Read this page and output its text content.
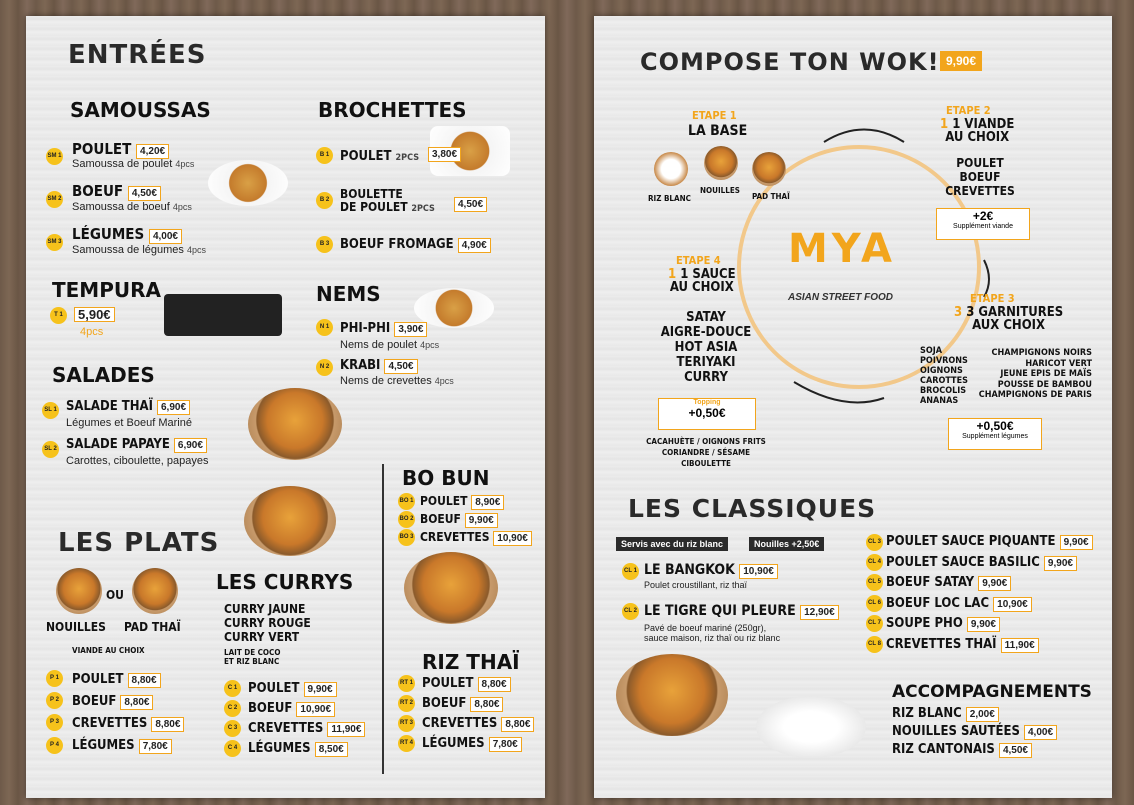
ENTRÉES
SAMOUSSAS
SM 1 POULET 4,20€
Samoussa de poulet 4pcs
SM 2 BOEUF 4,50€
Samoussa de boeuf 4pcs
SM 3 LÉGUMES 4,00€
Samoussa de légumes 4pcs
BROCHETTES
B 1 POULET 2PCS	3,80€
B 2 BOULETTE
DE POULET 2PCS	4,50€
B 3 BOEUF FROMAGE 4,90€
TEMPURA
T 1	5,90€
4pcs
NEMS
N 1 PHI-PHI 3,90€
Nems de poulet 4pcs
N 2 KRABI 4,50€
Nems de crevettes 4pcs
SALADES
SL 1 SALADE THAÏ 6,90€
Légumes et Boeuf Mariné
SL 2 SALADE PAPAYE 6,90€
Carottes, ciboulette, papayes
LES PLATS
OU
NOUILLES PAD THAÏ
VIANDE AU CHOIX
P 1	POULET 8,80€
P 2	BOEUF 8,80€
P 3	CREVETTES 8,80€
P 4	LÉGUMES 7,80€
LES CURRYS
CURRY JAUNE
CURRY ROUGE
CURRY VERT
LAIT DE COCO
ET RIZ BLANC
C 1 POULET 9,90€
C 2 BOEUF 10,90€
C 3 CREVETTES 11,90€
C 4 LÉGUMES 8,50€
BO BUN
BO 1 POULET 8,90€
BO 2 BOEUF 9,90€
BO 3 CREVETTES 10,90€
RIZ THAÏ
RT 1 POULET 8,80€
RT 2 BOEUF 8,80€
RT 3 CREVETTES 8,80€
RT 4 LÉGUMES 7,80€
COMPOSE TON WOK! 9,90€
ETAPE 1
LA BASE
RIZ BLANC
NOUILLES
PAD THAÏ
ETAPE 2
1 1 VIANDE
AU CHOIX
POULET
BOEUF
CREVETTES
+2€
Supplément viande
MYA
ASIAN STREET FOOD
ETAPE 4
1 1 SAUCE
AU CHOIX
SATAY
AIGRE-DOUCE
HOT ASIA
TERIYAKI
CURRY
Topping
+0,50€
CACAHUÈTE / OIGNONS FRITS
CORIANDRE / SÉSAME
CIBOULETTE
ETAPE 3
3 3 GARNITURES
AUX CHOIX
SOJA
POIVRONS
OIGNONS
CAROTTES
BROCOLIS
ANANAS
CHAMPIGNONS NOIRS
HARICOT VERT
JEUNE EPIS DE MAÏS
POUSSE DE BAMBOU
CHAMPIGNONS DE PARIS
+0,50€
Supplément légumes
LES CLASSIQUES
Servis avec du riz blanc	Nouilles +2,50€
CL 1 LE BANGKOK 10,90€
Poulet croustillant, riz thaï
CL 2 LE TIGRE QUI PLEURE 12,90€
Pavé de boeuf mariné (250gr),
sauce maison, riz thaï ou riz blanc
CL 3 POULET SAUCE PIQUANTE 9,90€
CL 4 POULET SAUCE BASILIC 9,90€
CL 5 BOEUF SATAY 9,90€
CL 6 BOEUF LOC LAC 10,90€
CL 7 SOUPE PHO 9,90€
CL 8 CREVETTES THAÏ 11,90€
ACCOMPAGNEMENTS
RIZ BLANC 2,00€
NOUILLES SAUTÉES 4,00€
RIZ CANTONAIS 4,50€
